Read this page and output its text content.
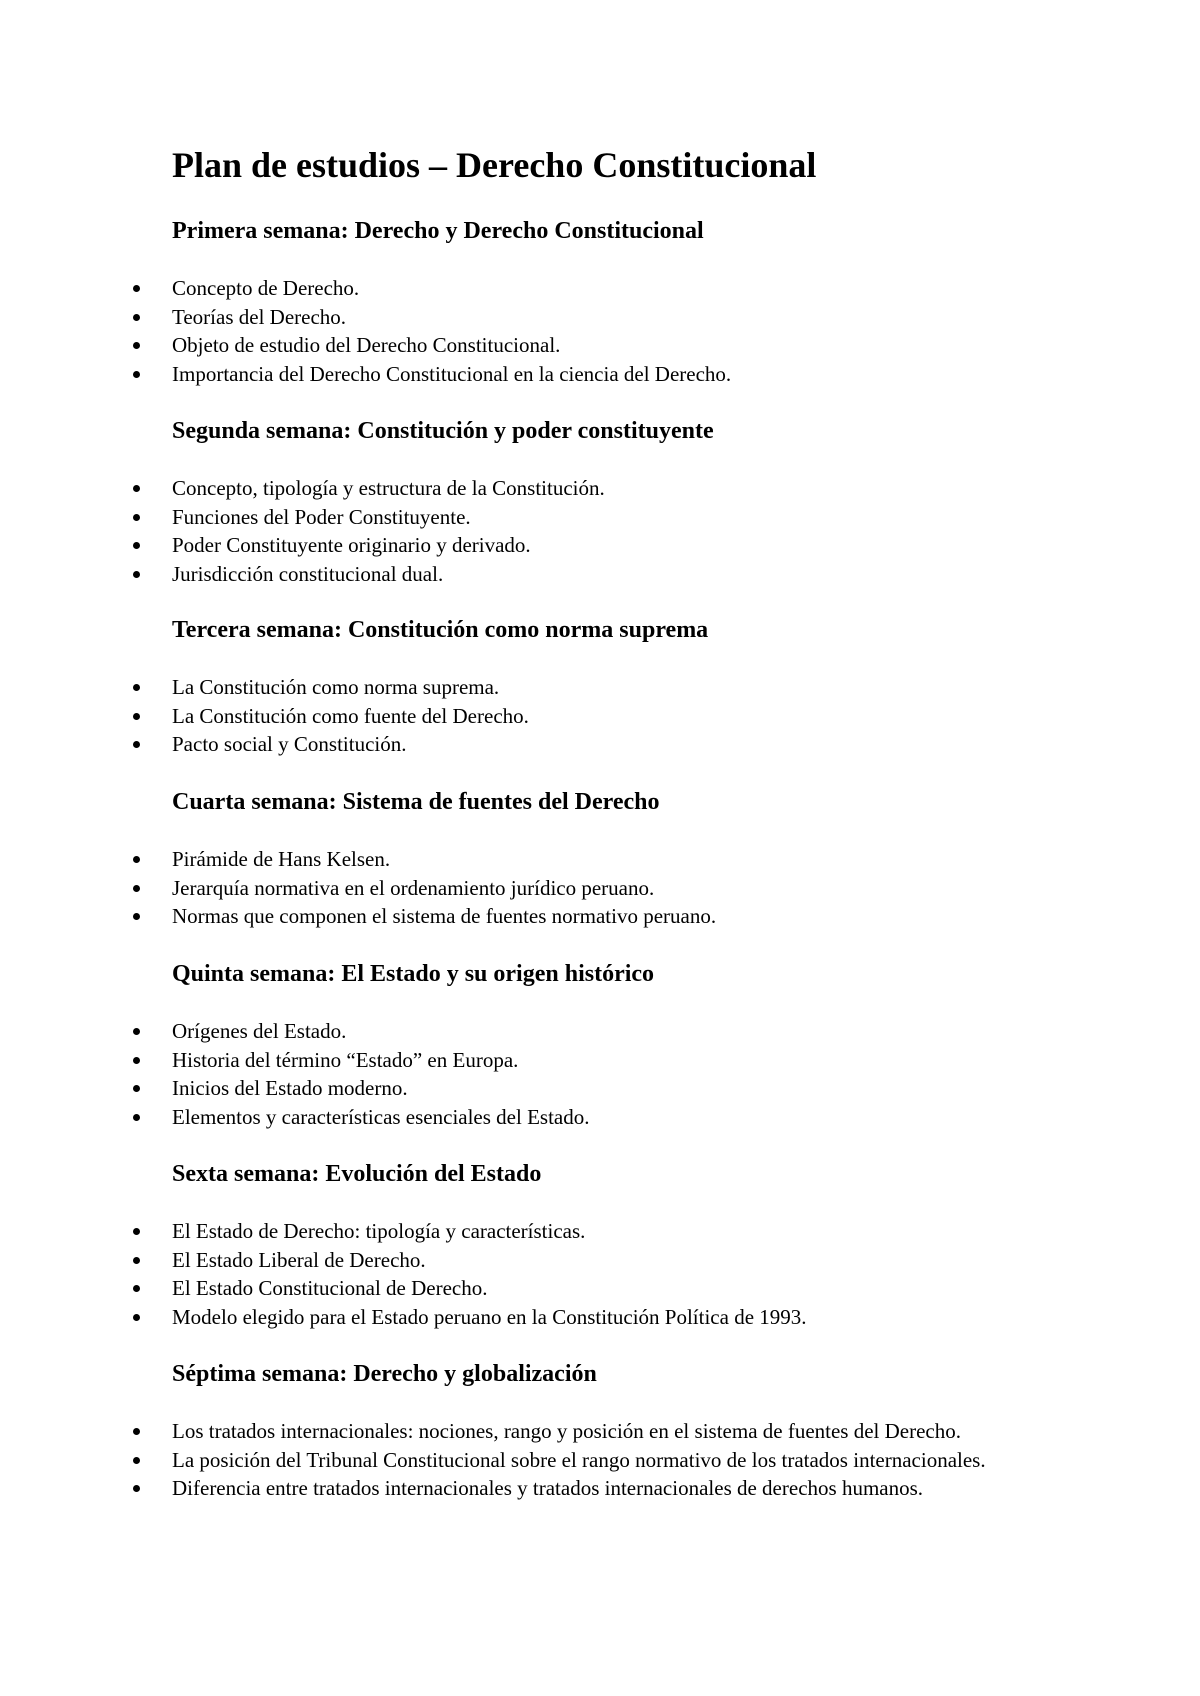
Plan de estudios – Derecho Constitucional
Primera semana: Derecho y Derecho Constitucional
Concepto de Derecho.
Teorías del Derecho.
Objeto de estudio del Derecho Constitucional.
Importancia del Derecho Constitucional en la ciencia del Derecho.
Segunda semana: Constitución y poder constituyente
Concepto, tipología y estructura de la Constitución.
Funciones del Poder Constituyente.
Poder Constituyente originario y derivado.
Jurisdicción constitucional dual.
Tercera semana: Constitución como norma suprema
La Constitución como norma suprema.
La Constitución como fuente del Derecho.
Pacto social y Constitución.
Cuarta semana: Sistema de fuentes del Derecho
Pirámide de Hans Kelsen.
Jerarquía normativa en el ordenamiento jurídico peruano.
Normas que componen el sistema de fuentes normativo peruano.
Quinta semana: El Estado y su origen histórico
Orígenes del Estado.
Historia del término “Estado” en Europa.
Inicios del Estado moderno.
Elementos y características esenciales del Estado.
Sexta semana: Evolución del Estado
El Estado de Derecho: tipología y características.
El Estado Liberal de Derecho.
El Estado Constitucional de Derecho.
Modelo elegido para el Estado peruano en la Constitución Política de 1993.
Séptima semana: Derecho y globalización
Los tratados internacionales: nociones, rango y posición en el sistema de fuentes del Derecho.
La posición del Tribunal Constitucional sobre el rango normativo de los tratados internacionales.
Diferencia entre tratados internacionales y tratados internacionales de derechos humanos.
